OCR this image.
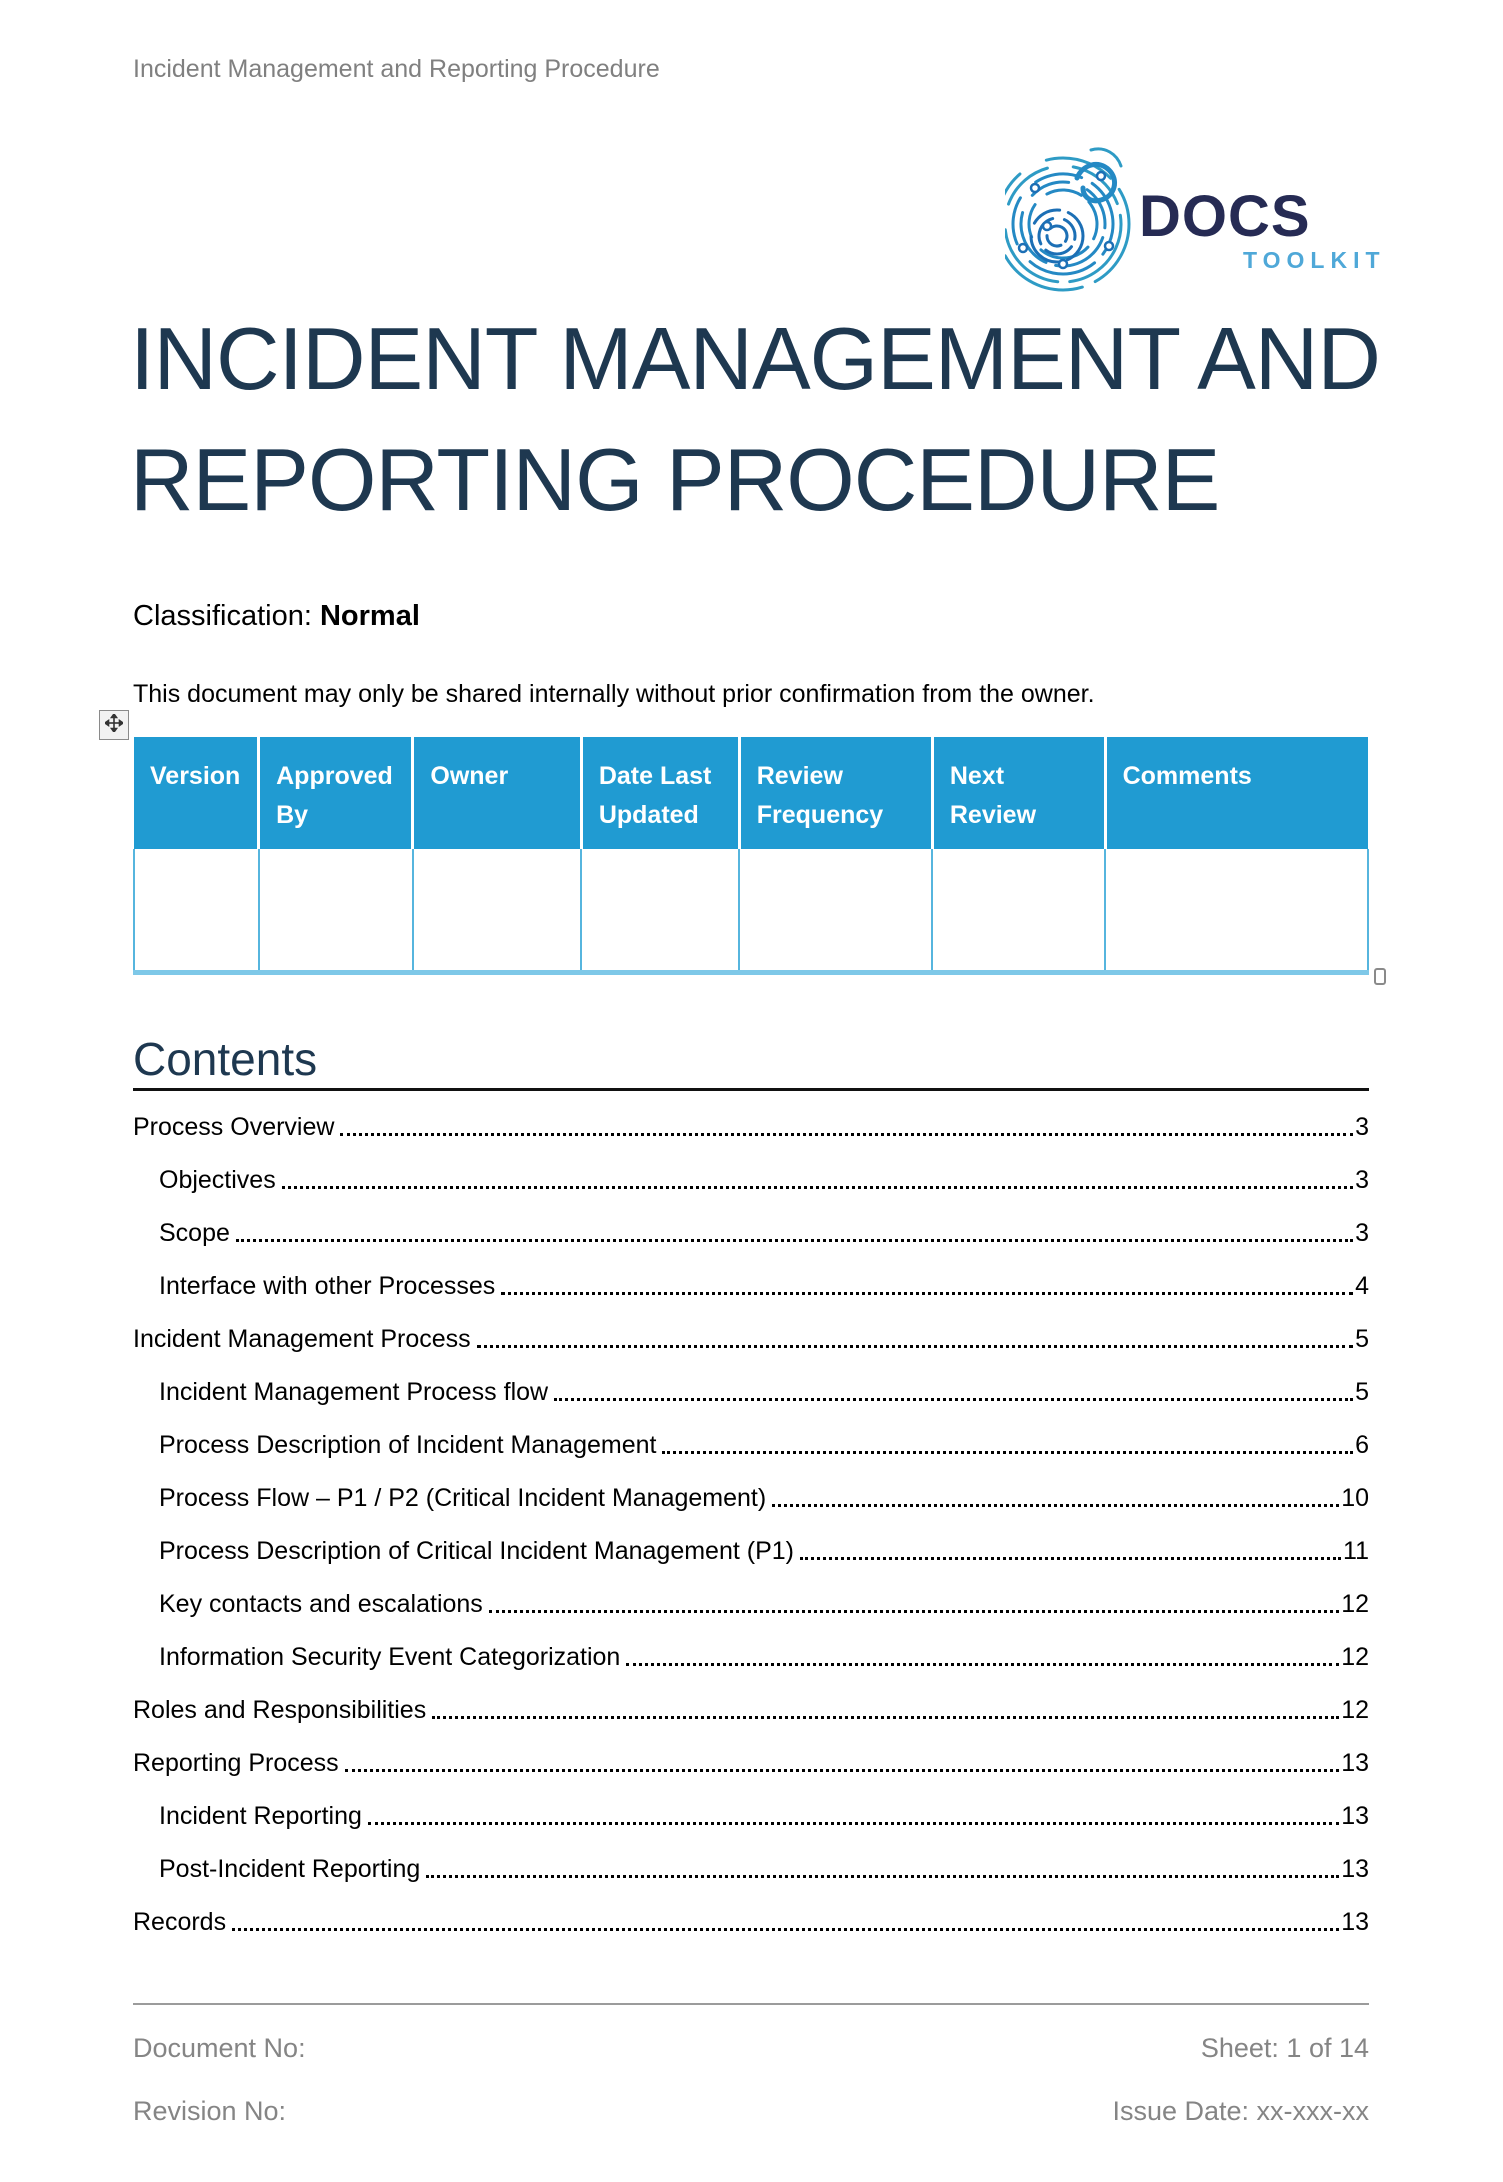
Incident Management and Reporting Procedure
DOCS
TOOLKIT
INCIDENT MANAGEMENT AND
REPORTING PROCEDURE
Classification: Normal
This document may only be shared internally without prior confirmation from the owner.
Version	Approved By	Owner	Date Last Updated	Review Frequency	Next Review	Comments

Contents
Process Overview	3
Objectives	3
Scope	3
Interface with other Processes	4
Incident Management Process	5
Incident Management Process flow	5
Process Description of Incident Management	6
Process Flow – P1 / P2 (Critical Incident Management)	10
Process Description of Critical Incident Management (P1)	11
Key contacts and escalations	12
Information Security Event Categorization	12
Roles and Responsibilities	12
Reporting Process	13
Incident Reporting	13
Post-Incident Reporting	13
Records	13
Document No:	Sheet: 1 of 14
Revision No:	Issue Date: xx-xxx-xx
